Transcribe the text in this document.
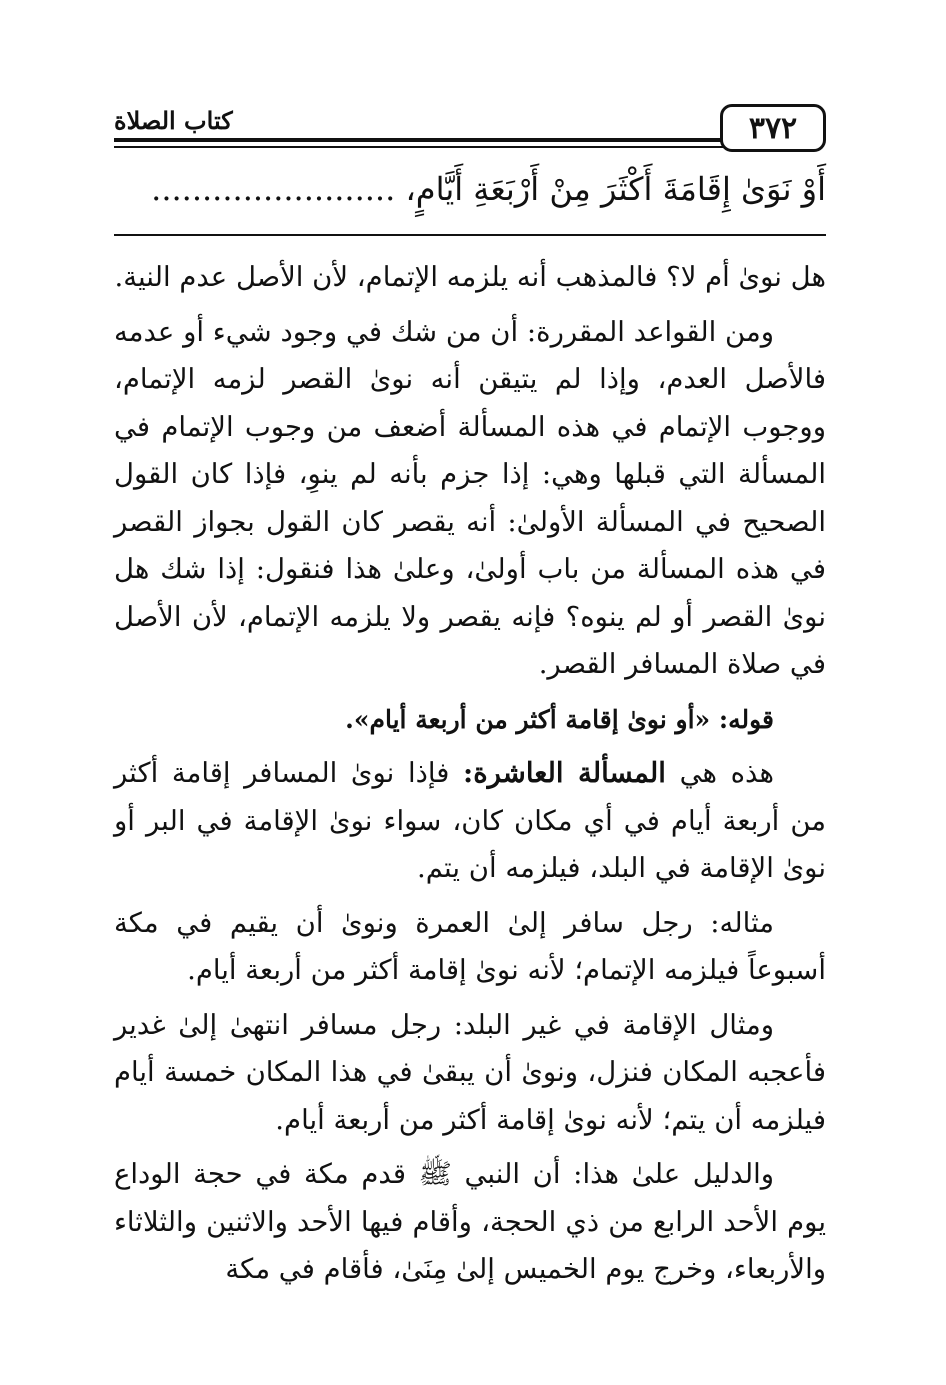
٣٧٢
كتاب الصلاة
أَوْ نَوَىٰ إِقَامَةَ أَكْثَرَ مِنْ أَرْبَعَةِ أَيَّامٍ، ........................

هل نوىٰ أم لا؟ فالمذهب أنه يلزمه الإتمام، لأن الأصل عدم النية.

ومن القواعد المقررة: أن من شك في وجود شيء أو عدمه فالأصل العدم، وإذا لم يتيقن أنه نوىٰ القصر لزمه الإتمام، ووجوب الإتمام في هذه المسألة أضعف من وجوب الإتمام في المسألة التي قبلها وهي: إذا جزم بأنه لم ينوِ، فإذا كان القول الصحيح في المسألة الأولىٰ: أنه يقصر كان القول بجواز القصر في هذه المسألة من باب أولىٰ، وعلىٰ هذا فنقول: إذا شك هل نوىٰ القصر أو لم ينوه؟ فإنه يقصر ولا يلزمه الإتمام، لأن الأصل في صلاة المسافر القصر.

قوله: «أو نوىٰ إقامة أكثر من أربعة أيام».

هذه هي المسألة العاشرة: فإذا نوىٰ المسافر إقامة أكثر من أربعة أيام في أي مكان كان، سواء نوىٰ الإقامة في البر أو نوىٰ الإقامة في البلد، فيلزمه أن يتم.

مثاله: رجل سافر إلىٰ العمرة ونوىٰ أن يقيم في مكة أسبوعاً فيلزمه الإتمام؛ لأنه نوىٰ إقامة أكثر من أربعة أيام.

ومثال الإقامة في غير البلد: رجل مسافر انتهىٰ إلىٰ غدير فأعجبه المكان فنزل، ونوىٰ أن يبقىٰ في هذا المكان خمسة أيام فيلزمه أن يتم؛ لأنه نوىٰ إقامة أكثر من أربعة أيام.

والدليل علىٰ هذا: أن النبي ﷺ قدم مكة في حجة الوداع يوم الأحد الرابع من ذي الحجة، وأقام فيها الأحد والاثنين والثلاثاء والأربعاء، وخرج يوم الخميس إلىٰ مِنَىٰ، فأقام في مكة
